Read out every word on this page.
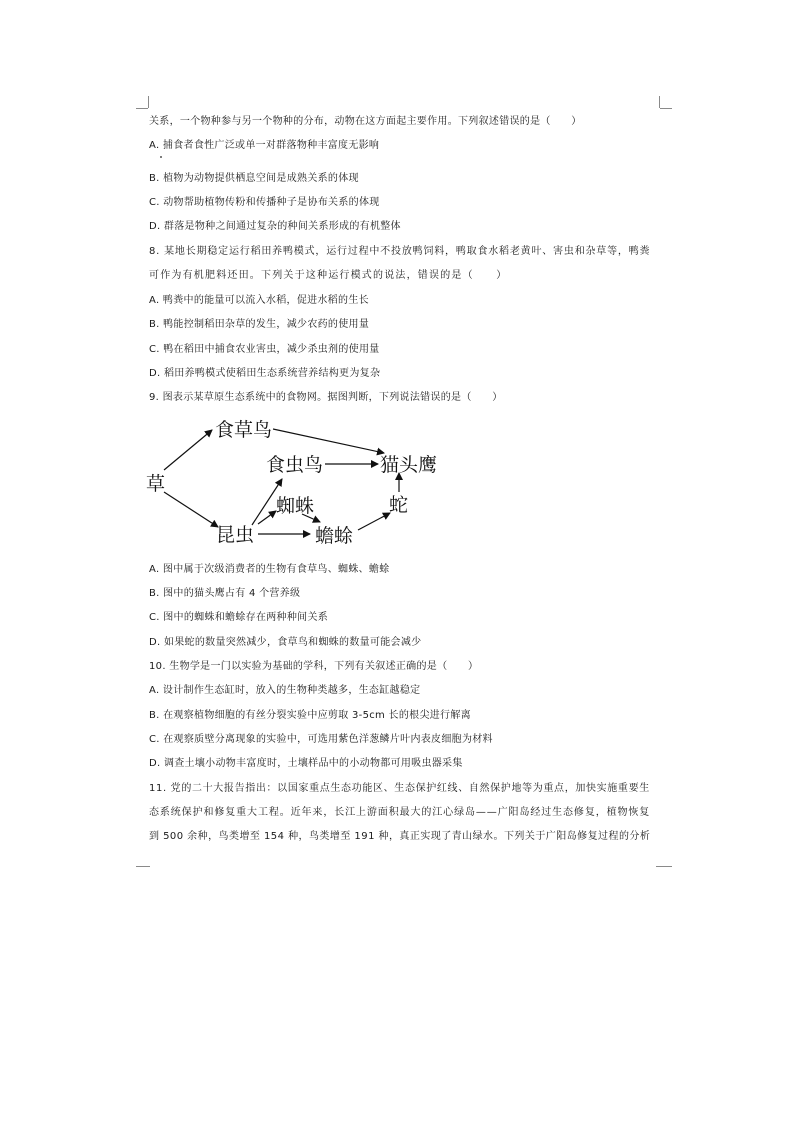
关系，一个物种参与另一个物种的分布，动物在这方面起主要作用。下列叙述错误的是（　　）
A. 捕食者食性广泛或单一对群落物种丰富度无影响
B. 植物为动物提供栖息空间是成熟关系的体现
C. 动物帮助植物传粉和传播种子是协布关系的体现
D. 群落是物种之间通过复杂的种间关系形成的有机整体
8. 某地长期稳定运行稻田养鸭模式，运行过程中不投放鸭饲料，鸭取食水稻老黄叶、害虫和杂草等，鸭粪
可作为有机肥料还田。下列关于这种运行模式的说法，错误的是（　　）
A. 鸭粪中的能量可以流入水稻，促进水稻的生长
B. 鸭能控制稻田杂草的发生，减少农药的使用量
C. 鸭在稻田中捕食农业害虫，减少杀虫剂的使用量
D. 稻田养鸭模式使稻田生态系统营养结构更为复杂
9. 图表示某草原生态系统中的食物网。据图判断，下列说法错误的是（　　）
草
食草鸟
食虫鸟	猫头鹰
蜘蛛	蛇
昆虫	蟾蜍
A. 图中属于次级消费者的生物有食草鸟、蜘蛛、蟾蜍
B. 图中的猫头鹰占有 4 个营养级
C. 图中的蜘蛛和蟾蜍存在两种种间关系
D. 如果蛇的数量突然减少，食草鸟和蜘蛛的数量可能会减少
10. 生物学是一门以实验为基础的学科，下列有关叙述正确的是（　　）
A. 设计制作生态缸时，放入的生物种类越多，生态缸越稳定
B. 在观察植物细胞的有丝分裂实验中应剪取 3-5cm 长的根尖进行解离
C. 在观察质壁分离现象的实验中，可选用紫色洋葱鳞片叶内表皮细胞为材料
D. 调查土壤小动物丰富度时，土壤样品中的小动物都可用吸虫器采集
11. 党的二十大报告指出：以国家重点生态功能区、生态保护红线、自然保护地等为重点，加快实施重要生
态系统保护和修复重大工程。近年来，长江上游面积最大的江心绿岛——广阳岛经过生态修复，植物恢复
到 500 余种，鸟类增至 154 种，鸟类增至 191 种，真正实现了青山绿水。下列关于广阳岛修复过程的分析
